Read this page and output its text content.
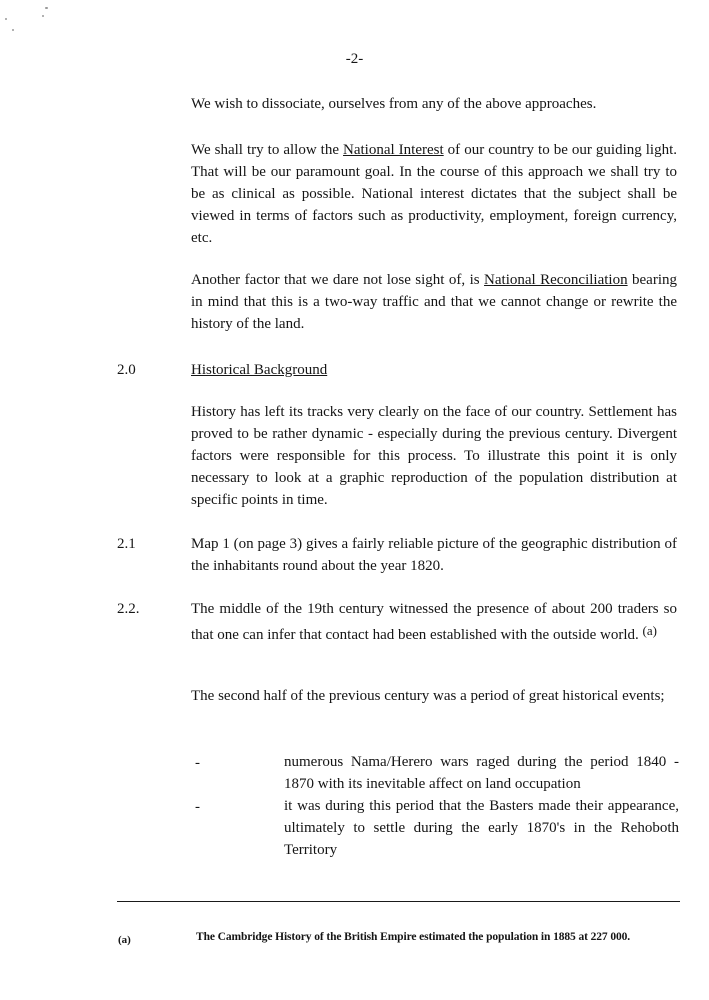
-2-

We wish to dissociate, ourselves from any of the above approaches.

We shall try to allow the National Interest of our country to be our guiding light. That will be our paramount goal. In the course of this approach we shall try to be as clinical as possible. National interest dictates that the subject shall be viewed in terms of factors such as productivity, employment, foreign currency, etc.

Another factor that we dare not lose sight of, is National Reconciliation bearing in mind that this is a two-way traffic and that we cannot change or rewrite the history of the land.

2.0	Historical Background

History has left its tracks very clearly on the face of our country. Settlement has proved to be rather dynamic - especially during the previous century. Divergent factors were responsible for this process. To illustrate this point it is only necessary to look at a graphic reproduction of the population distribution at specific points in time.

2.1	Map 1 (on page 3) gives a fairly reliable picture of the geographic distribution of the inhabitants round about the year 1820.

2.2.	The middle of the 19th century witnessed the presence of about 200 traders so that one can infer that contact had been established with the outside world. (a)

The second half of the previous century was a period of great historical events;

-	numerous Nama/Herero wars raged during the period 1840 - 1870 with its inevitable affect on land occupation

-	it was during this period that the Basters made their appearance, ultimately to settle during the early 1870's in the Rehoboth Territory

(a)	The Cambridge History of the British Empire estimated the population in 1885 at 227 000.
